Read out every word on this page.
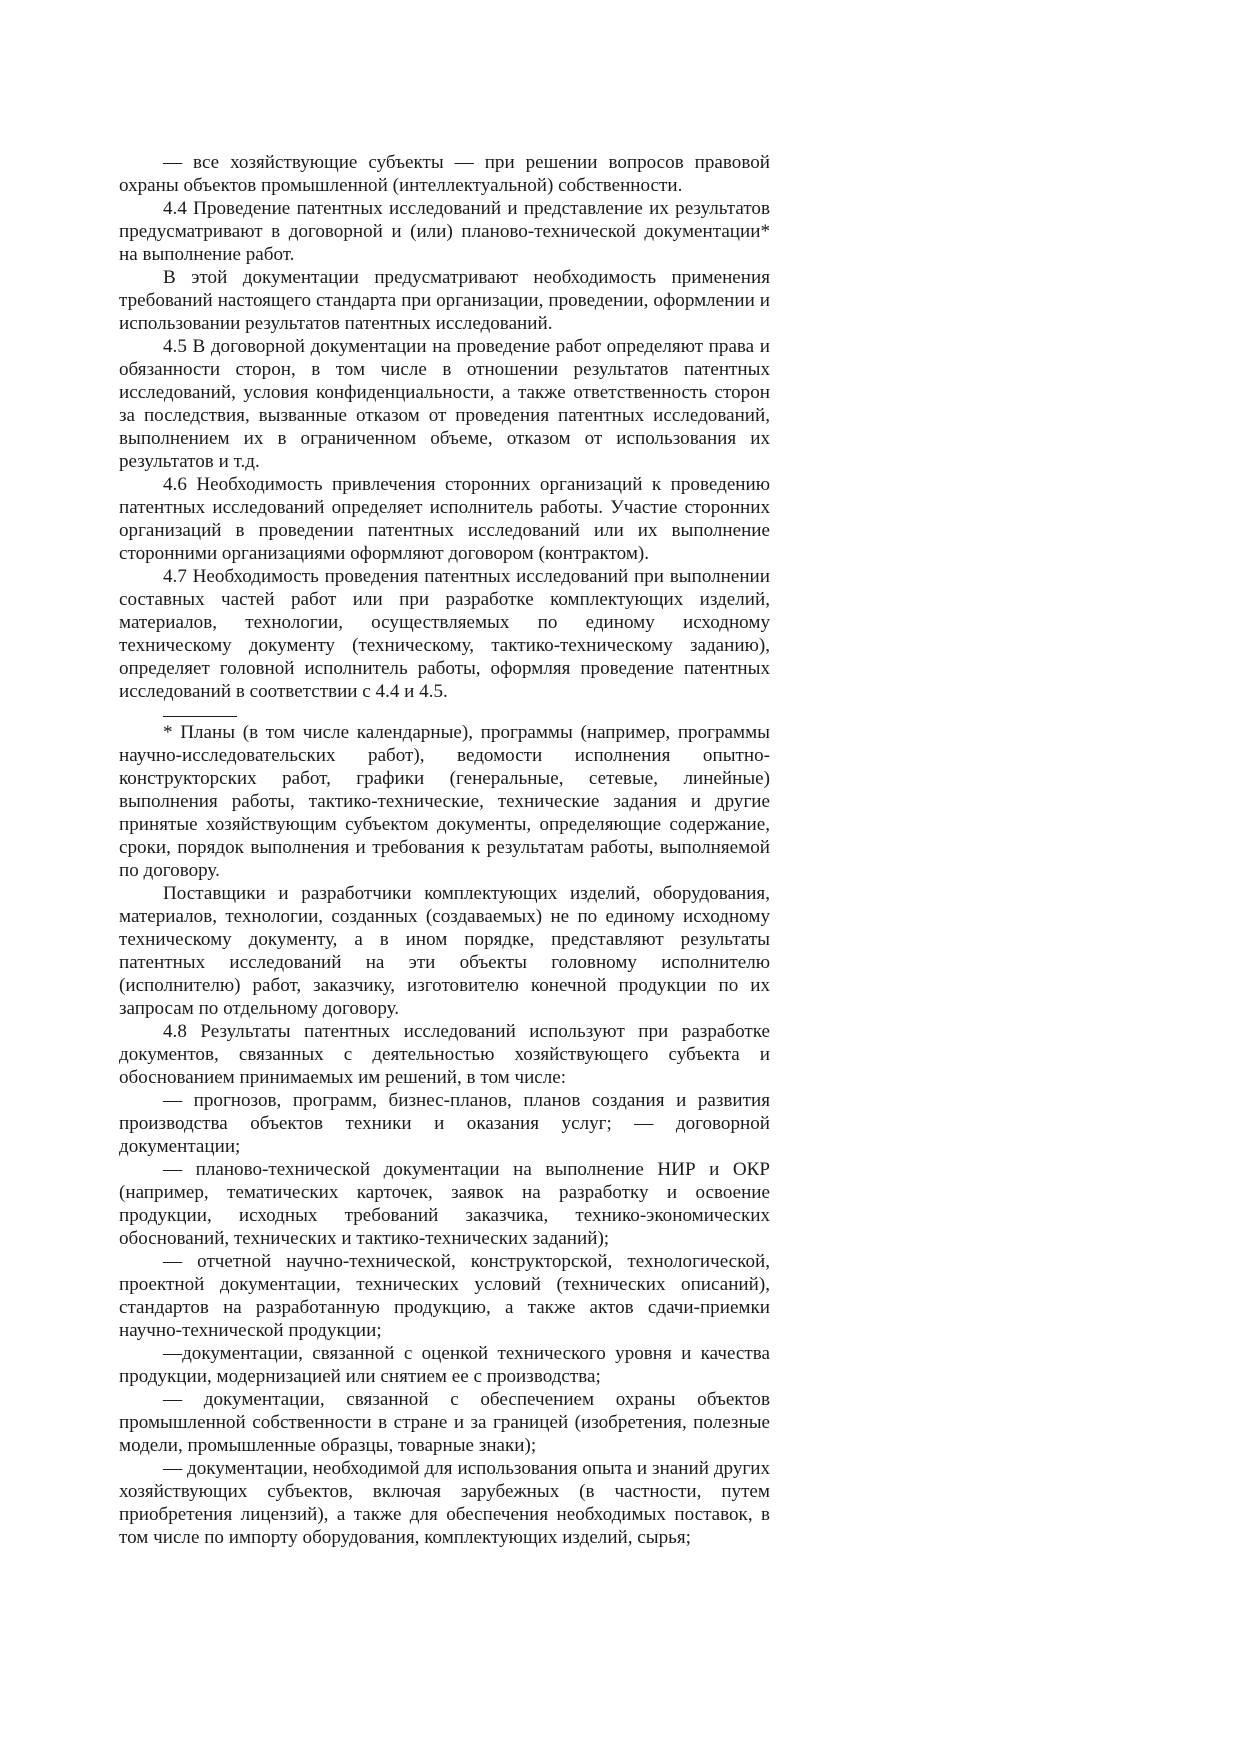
— все хозяйствующие субъекты — при решении вопросов правовой охраны объектов промышленной (интеллектуальной) собственности.

4.4 Проведение патентных исследований и представление их результатов предусматривают в договорной и (или) планово-технической документации* на выполнение работ.

В этой документации предусматривают необходимость применения требований настоящего стандарта при организации, проведении, оформлении и использовании результатов патентных исследований.

4.5 В договорной документации на проведение работ определяют права и обязанности сторон, в том числе в отношении результатов патентных исследований, условия конфиденциальности, а также ответственность сторон за последствия, вызванные отказом от проведения патентных исследований, выполнением их в ограниченном объеме, отказом от использования их результатов и т.д.

4.6 Необходимость привлечения сторонних организаций к проведению патентных исследований определяет исполнитель работы. Участие сторонних организаций в проведении патентных исследований или их выполнение сторонними организациями оформляют договором (контрактом).

4.7 Необходимость проведения патентных исследований при выполнении составных частей работ или при разработке комплектующих изделий, материалов, технологии, осуществляемых по единому исходному техническому документу (техническому, тактико-техническому заданию), определяет головной исполнитель работы, оформляя проведение патентных исследований в соответствии с 4.4 и 4.5.

* Планы (в том числе календарные), программы (например, программы научно-исследовательских работ), ведомости исполнения опытно-конструкторских работ, графики (генеральные, сетевые, линейные) выполнения работы, тактико-технические, технические задания и другие принятые хозяйствующим субъектом документы, определяющие содержание, сроки, порядок выполнения и требования к результатам работы, выполняемой по договору.

Поставщики и разработчики комплектующих изделий, оборудования, материалов, технологии, созданных (создаваемых) не по единому исходному техническому документу, а в ином порядке, представляют результаты патентных исследований на эти объекты головному исполнителю (исполнителю) работ, заказчику, изготовителю конечной продукции по их запросам по отдельному договору.

4.8 Результаты патентных исследований используют при разработке документов, связанных с деятельностью хозяйствующего субъекта и обоснованием принимаемых им решений, в том числе:

— прогнозов, программ, бизнес-планов, планов создания и развития производства объектов техники и оказания услуг; — договорной документации;

— планово-технической документации на выполнение НИР и ОКР (например, тематических карточек, заявок на разработку и освоение продукции, исходных требований заказчика, технико-экономических обоснований, технических и тактико-технических заданий);

— отчетной научно-технической, конструкторской, технологической, проектной документации, технических условий (технических описаний), стандартов на разработанную продукцию, а также актов сдачи-приемки научно-технической продукции;

—документации, связанной с оценкой технического уровня и качества продукции, модернизацией или снятием ее с производства;

— документации, связанной с обеспечением охраны объектов промышленной собственности в стране и за границей (изобретения, полезные модели, промышленные образцы, товарные знаки);

— документации, необходимой для использования опыта и знаний других хозяйствующих субъектов, включая зарубежных (в частности, путем приобретения лицензий), а также для обеспечения необходимых поставок, в том числе по импорту оборудования, комплектующих изделий, сырья;
